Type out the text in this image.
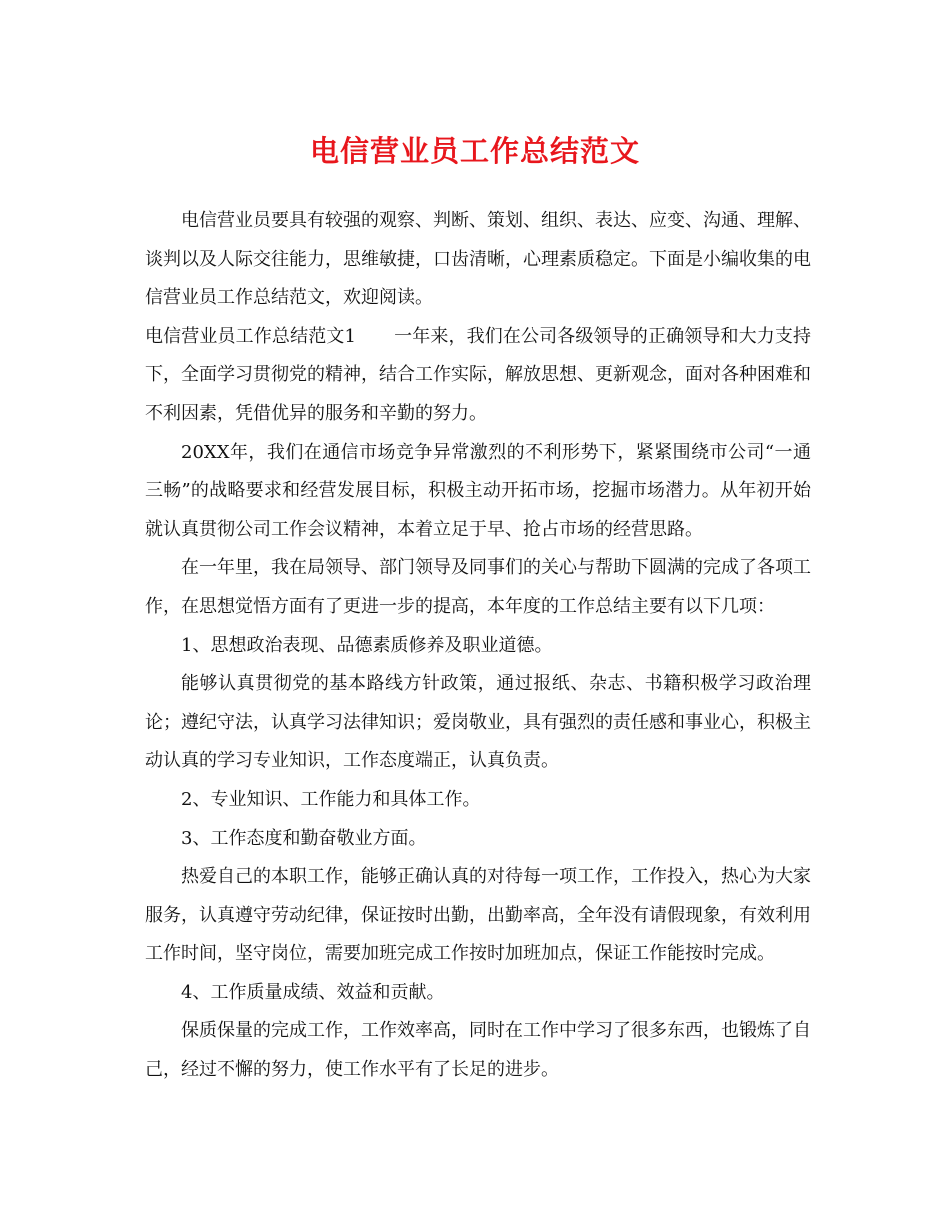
电信营业员工作总结范文

电信营业员要具有较强的观察、判断、策划、组织、表达、应变、沟通、理解、谈判以及人际交往能力，思维敏捷，口齿清晰，心理素质稳定。下面是小编收集的电信营业员工作总结范文，欢迎阅读。

电信营业员工作总结范文1 一年来，我们在公司各级领导的正确领导和大力支持下，全面学习贯彻党的精神，结合工作实际，解放思想、更新观念，面对各种困难和不利因素，凭借优异的服务和辛勤的努力。

20XX年，我们在通信市场竞争异常激烈的不利形势下，紧紧围绕市公司“一通三畅”的战略要求和经营发展目标，积极主动开拓市场，挖掘市场潜力。从年初开始就认真贯彻公司工作会议精神，本着立足于早、抢占市场的经营思路。

在一年里，我在局领导、部门领导及同事们的关心与帮助下圆满的完成了各项工作，在思想觉悟方面有了更进一步的提高，本年度的工作总结主要有以下几项：

1、思想政治表现、品德素质修养及职业道德。

能够认真贯彻党的基本路线方针政策，通过报纸、杂志、书籍积极学习政治理论；遵纪守法，认真学习法律知识；爱岗敬业，具有强烈的责任感和事业心，积极主动认真的学习专业知识，工作态度端正，认真负责。

2、专业知识、工作能力和具体工作。

3、工作态度和勤奋敬业方面。

热爱自己的本职工作，能够正确认真的对待每一项工作，工作投入，热心为大家服务，认真遵守劳动纪律，保证按时出勤，出勤率高，全年没有请假现象，有效利用工作时间，坚守岗位，需要加班完成工作按时加班加点，保证工作能按时完成。

4、工作质量成绩、效益和贡献。

保质保量的完成工作，工作效率高，同时在工作中学习了很多东西，也锻炼了自己，经过不懈的努力，使工作水平有了长足的进步。
